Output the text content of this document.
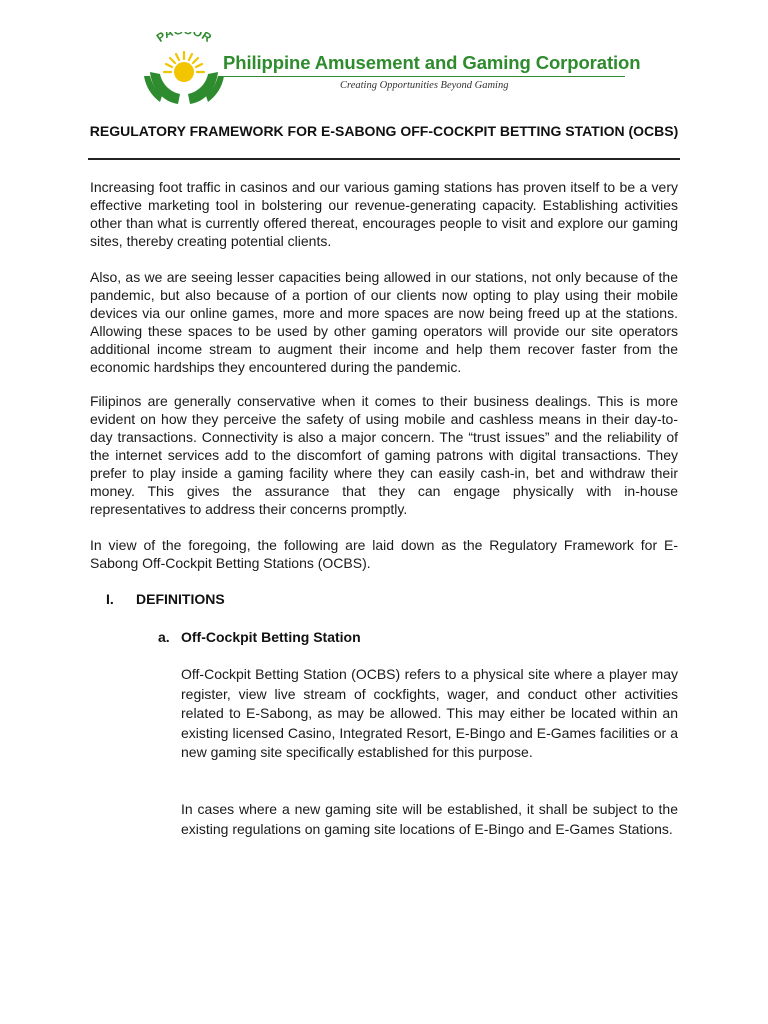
PA OR
Philippine Amusement and Gaming Corporation
Creating Opportunities Beyond Gaming
REGULATORY FRAMEWORK FOR E-SABONG OFF-COCKPIT BETTING STATION (OCBS)

Increasing foot traffic in casinos and our various gaming stations has proven itself to be a very effective marketing tool in bolstering our revenue-generating capacity. Establishing activities other than what is currently offered thereat, encourages people to visit and explore our gaming sites, thereby creating potential clients.

Also, as we are seeing lesser capacities being allowed in our stations, not only because of the pandemic, but also because of a portion of our clients now opting to play using their mobile devices via our online games, more and more spaces are now being freed up at the stations. Allowing these spaces to be used by other gaming operators will provide our site operators additional income stream to augment their income and help them recover faster from the economic hardships they encountered during the pandemic.

Filipinos are generally conservative when it comes to their business dealings. This is more evident on how they perceive the safety of using mobile and cashless means in their day-to-day transactions. Connectivity is also a major concern. The “trust issues” and the reliability of the internet services add to the discomfort of gaming patrons with digital transactions. They prefer to play inside a gaming facility where they can easily cash-in, bet and withdraw their money. This gives the assurance that they can engage physically with in-house representatives to address their concerns promptly.

In view of the foregoing, the following are laid down as the Regulatory Framework for E-Sabong Off-Cockpit Betting Stations (OCBS).

I. DEFINITIONS
a. Off-Cockpit Betting Station

Off-Cockpit Betting Station (OCBS) refers to a physical site where a player may register, view live stream of cockfights, wager, and conduct other activities related to E-Sabong, as may be allowed. This may either be located within an existing licensed Casino, Integrated Resort, E-Bingo and E-Games facilities or a new gaming site specifically established for this purpose.

In cases where a new gaming site will be established, it shall be subject to the existing regulations on gaming site locations of E-Bingo and E-Games Stations.
